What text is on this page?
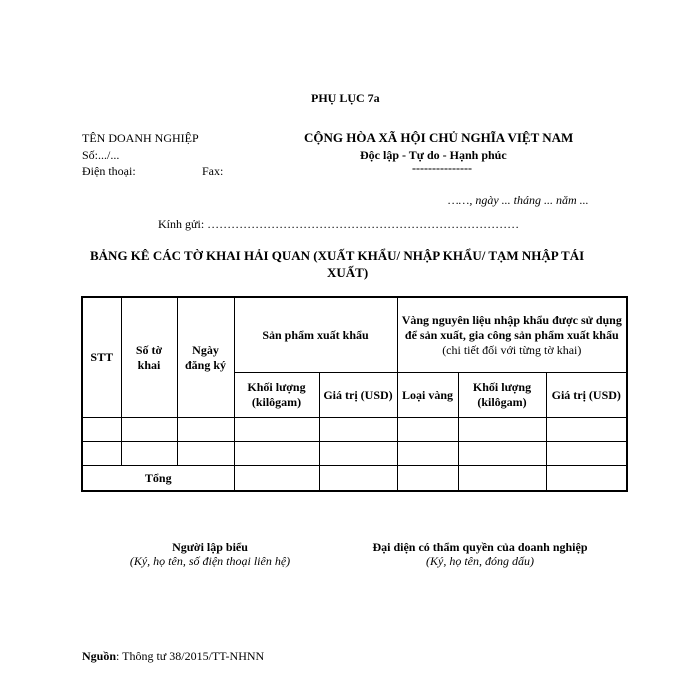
PHỤ LỤC 7a
TÊN DOANH NGHIỆP
Số:.../...
Điện thoại:	Fax:
CỘNG HÒA XÃ HỘI CHỦ NGHĨA VIỆT NAM
Độc lập - Tự do - Hạnh phúc
---------------
……, ngày ... tháng ... năm ...
Kính gửi: ……………………………………………………………………
BẢNG KÊ CÁC TỜ KHAI HẢI QUAN (XUẤT KHẨU/ NHẬP KHẨU/ TẠM NHẬP TÁI
XUẤT)
STT	Số tờ khai	Ngày đăng ký	Sản phẩm xuất khẩu		Vàng nguyên liệu nhập khẩu được sử dụng để sản xuất, gia công sản phẩm xuất khẩu
(chi tiết đối với từng tờ khai)		

			Khối lượng (kilôgam)	Giá trị (USD)	Loại vàng	Khối lượng (kilôgam)	Giá trị (USD)

Tổng							
Người lập biểu
(Ký, họ tên, số điện thoại liên hệ)
Đại diện có thẩm quyền của doanh nghiệp
(Ký, họ tên, đóng dấu)
Nguồn: Thông tư 38/2015/TT-NHNN
